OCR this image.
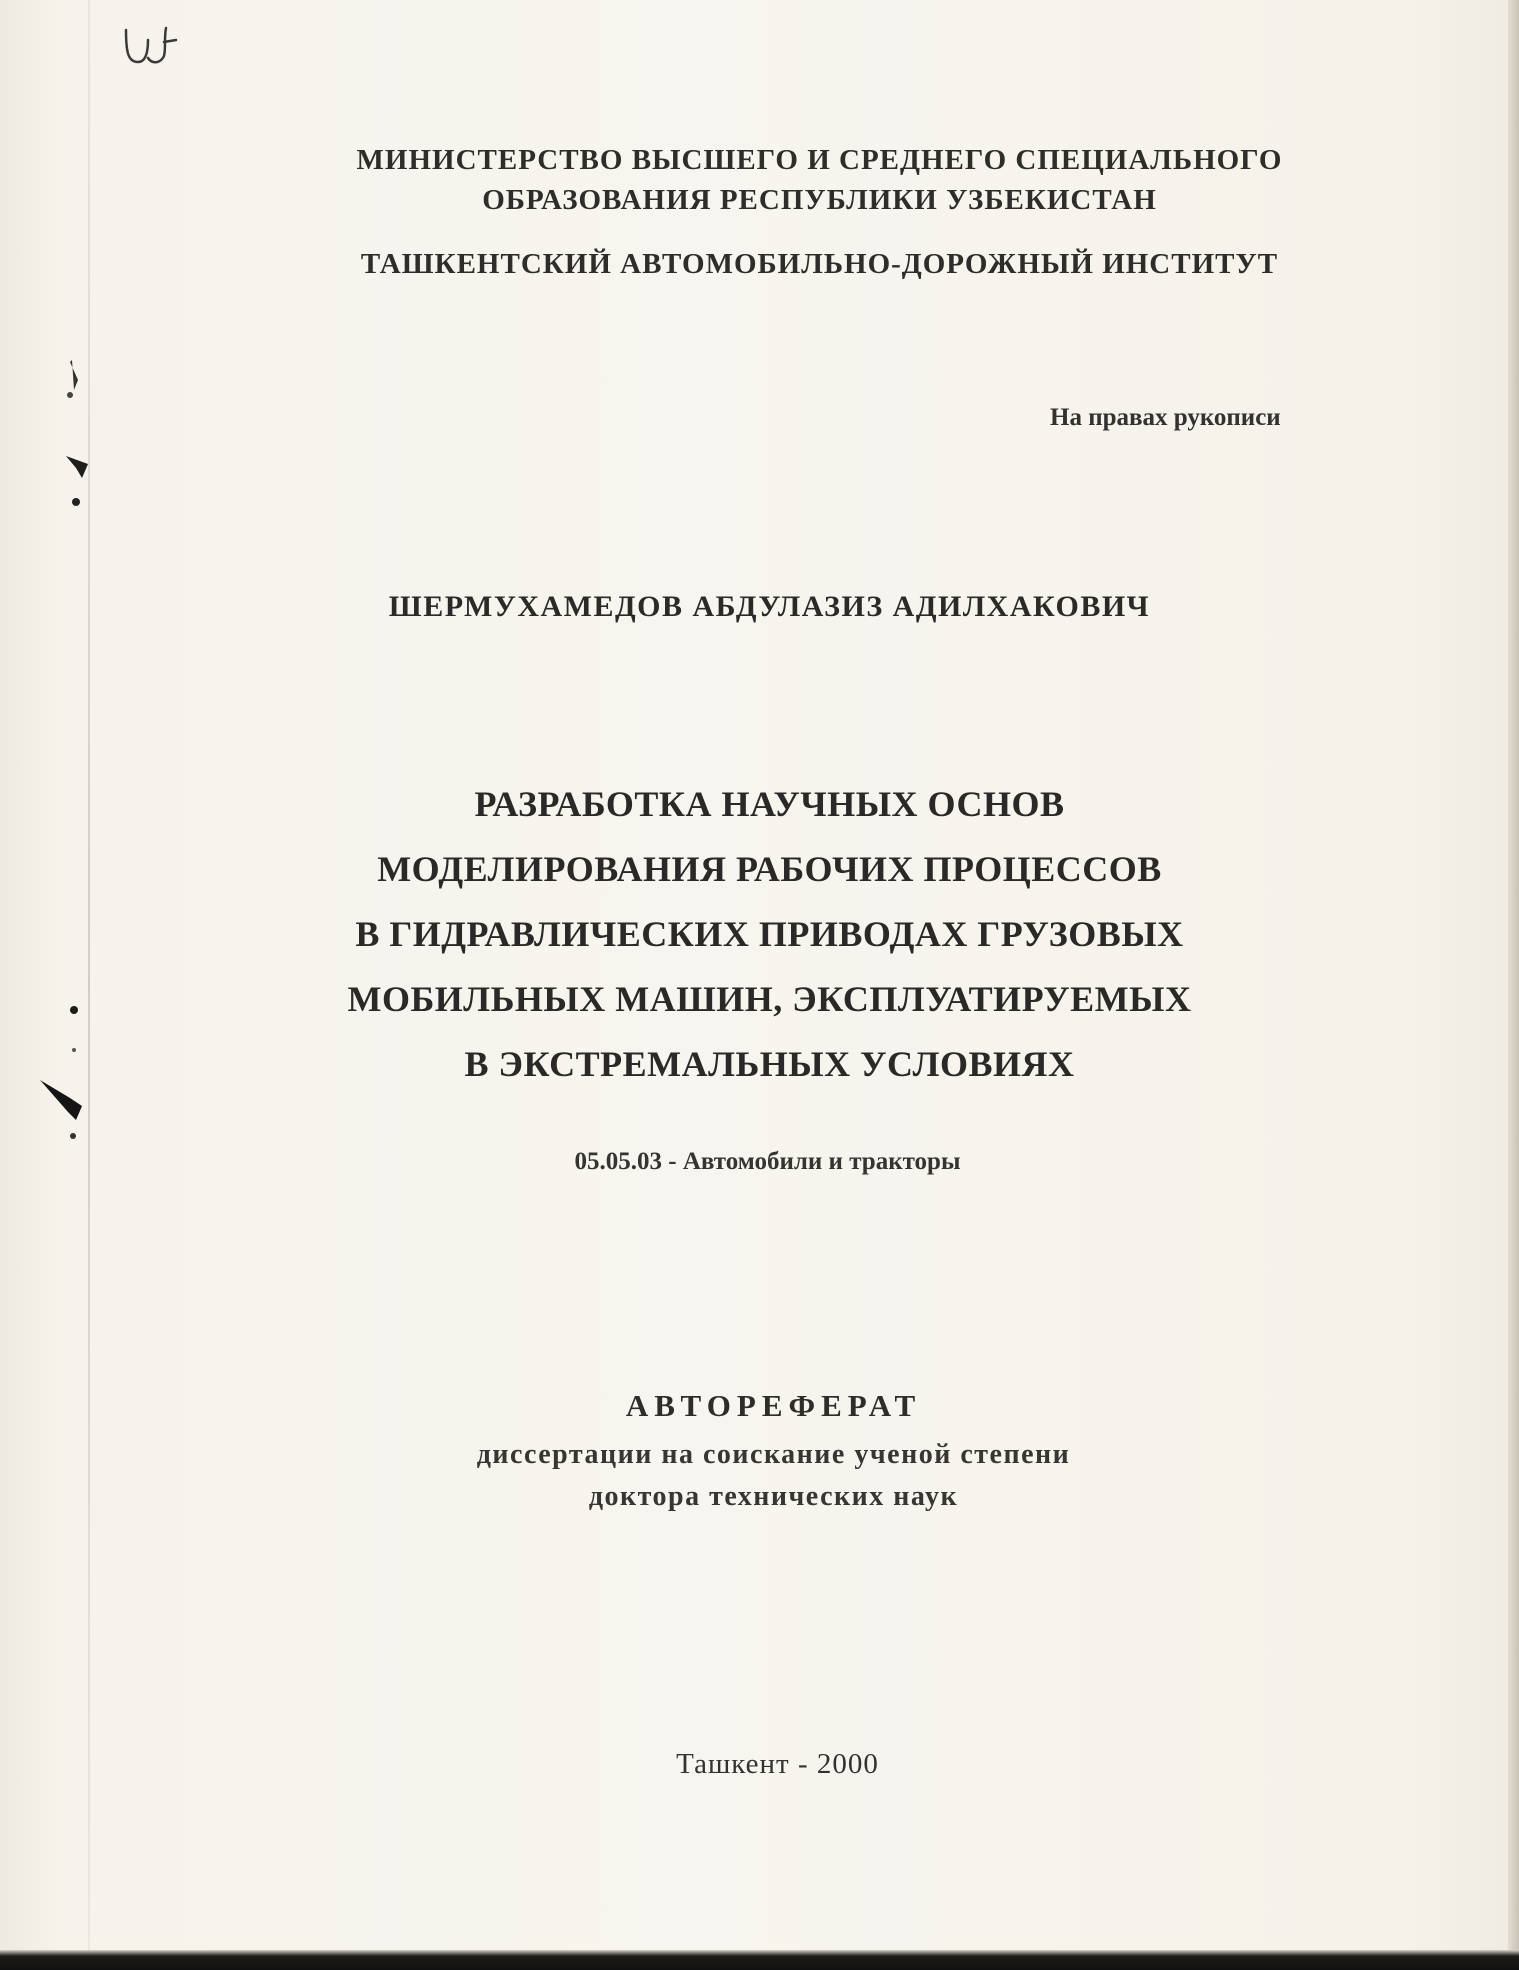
МИНИСТЕРСТВО ВЫСШЕГО И СРЕДНЕГО СПЕЦИАЛЬНОГО
ОБРАЗОВАНИЯ РЕСПУБЛИКИ УЗБЕКИСТАН
ТАШКЕНТСКИЙ АВТОМОБИЛЬНО-ДОРОЖНЫЙ ИНСТИТУТ
На правах рукописи
ШЕРМУХАМЕДОВ АБДУЛАЗИЗ АДИЛХАКОВИЧ
РАЗРАБОТКА НАУЧНЫХ ОСНОВ
МОДЕЛИРОВАНИЯ РАБОЧИХ ПРОЦЕССОВ
В ГИДРАВЛИЧЕСКИХ ПРИВОДАХ ГРУЗОВЫХ
МОБИЛЬНЫХ МАШИН, ЭКСПЛУАТИРУЕМЫХ
В ЭКСТРЕМАЛЬНЫХ УСЛОВИЯХ
05.05.03 - Автомобили и тракторы
АВТОРЕФЕРАТ
диссертации на соискание ученой степени
доктора технических наук
Ташкент - 2000
